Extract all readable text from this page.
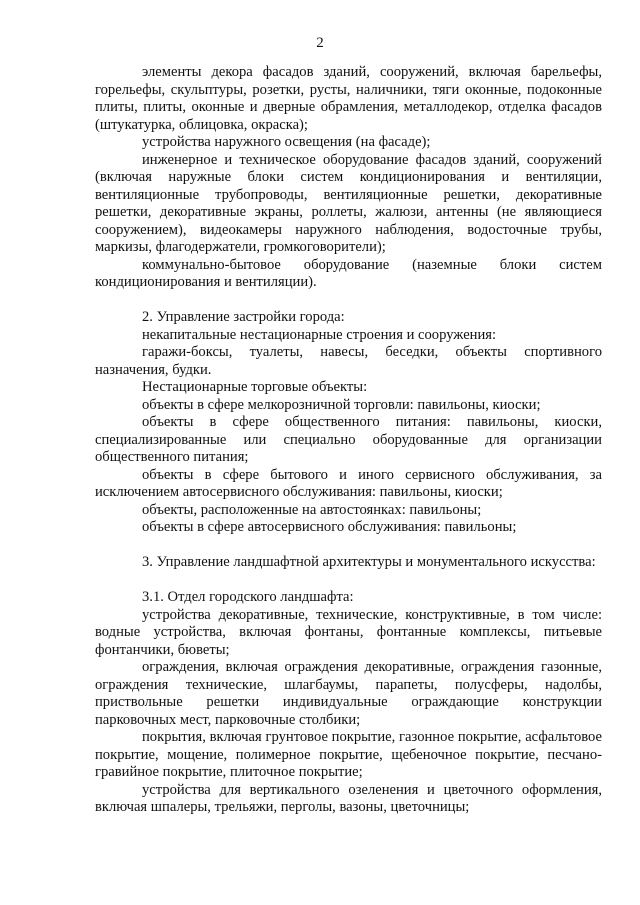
2

элементы декора фасадов зданий, сооружений, включая барельефы, горельефы, скульптуры, розетки, русты, наличники, тяги оконные, подоконные плиты, плиты, оконные и дверные обрамления, металлодекор, отделка фасадов (штукатурка, облицовка, окраска);

устройства наружного освещения (на фасаде);

инженерное и техническое оборудование фасадов зданий, сооружений (включая наружные блоки систем кондиционирования и вентиляции, вентиляционные трубопроводы, вентиляционные решетки, декоративные решетки, декоративные экраны, роллеты, жалюзи, антенны (не являющиеся сооружением), видеокамеры наружного наблюдения, водосточные трубы, маркизы, флагодержатели, громкоговорители);

коммунально-бытовое оборудование (наземные блоки систем кондиционирования и вентиляции).

2. Управление застройки города:

некапитальные нестационарные строения и сооружения:

гаражи-боксы, туалеты, навесы, беседки, объекты спортивного назначения, будки.

Нестационарные торговые объекты:

объекты в сфере мелкорозничной торговли: павильоны, киоски;

объекты в сфере общественного питания: павильоны, киоски, специализированные или специально оборудованные для организации общественного питания;

объекты в сфере бытового и иного сервисного обслуживания, за исключением автосервисного обслуживания: павильоны, киоски;

объекты, расположенные на автостоянках: павильоны;

объекты в сфере автосервисного обслуживания: павильоны;

3. Управление ландшафтной архитектуры и монументального искусства:

3.1. Отдел городского ландшафта:

устройства декоративные, технические, конструктивные, в том числе: водные устройства, включая фонтаны, фонтанные комплексы, питьевые фонтанчики, бюветы;

ограждения, включая ограждения декоративные, ограждения газонные, ограждения технические, шлагбаумы, парапеты, полусферы, надолбы, приствольные решетки индивидуальные ограждающие конструкции парковочных мест, парковочные столбики;

покрытия, включая грунтовое покрытие, газонное покрытие, асфальтовое покрытие, мощение, полимерное покрытие, щебеночное покрытие, песчано-гравийное покрытие, плиточное покрытие;

устройства для вертикального озеленения и цветочного оформления, включая шпалеры, трельяжи, перголы, вазоны, цветочницы;
